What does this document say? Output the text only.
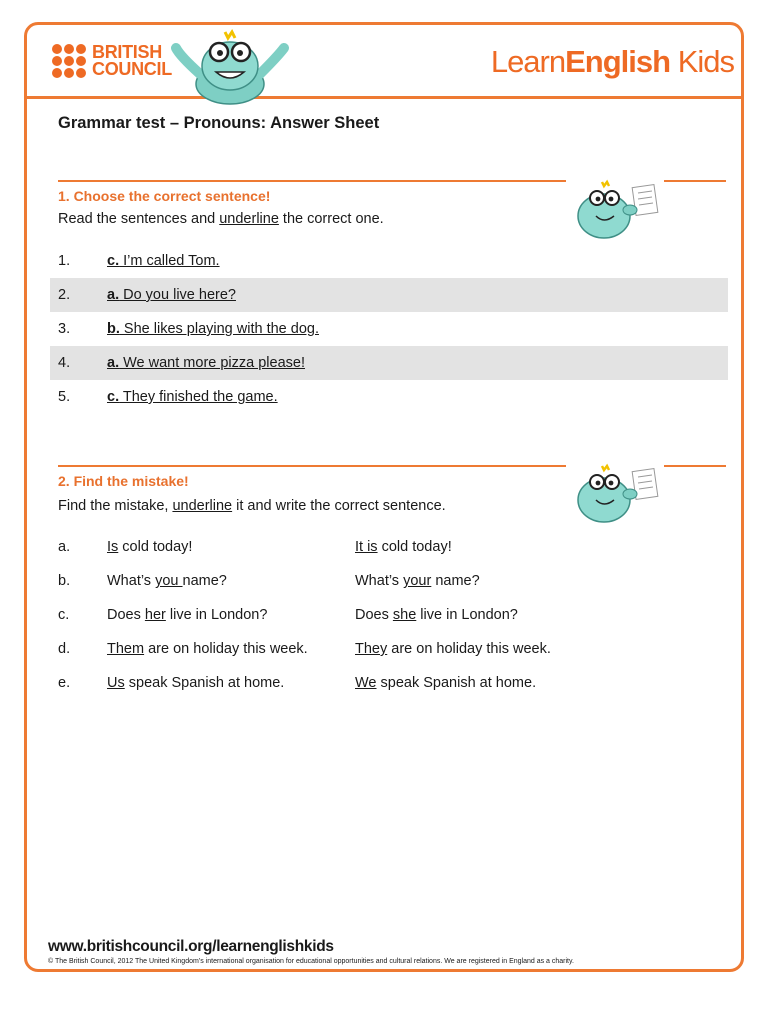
BRITISH
COUNCIL	LearnEnglish Kids
Grammar test – Pronouns: Answer Sheet
1. Choose the correct sentence!
Read the sentences and underline the correct one.
1.	c. I’m called Tom.
2.	a. Do you live here?
3.	b. She likes playing with the dog.
4.	a. We want more pizza please!
5.	c. They finished the game.
2. Find the mistake!
Find the mistake, underline it and write the correct sentence.
a.	Is cold today!	It is cold today!
b.	What’s you name?	What’s your name?
c.	Does her live in London?	Does she live in London?
d.	Them are on holiday this week.	They are on holiday this week.
e.	Us speak Spanish at home.	We speak Spanish at home.
www.britishcouncil.org/learnenglishkids
© The British Council, 2012 The United Kingdom’s international organisation for educational opportunities and cultural relations. We are registered in England as a charity.
